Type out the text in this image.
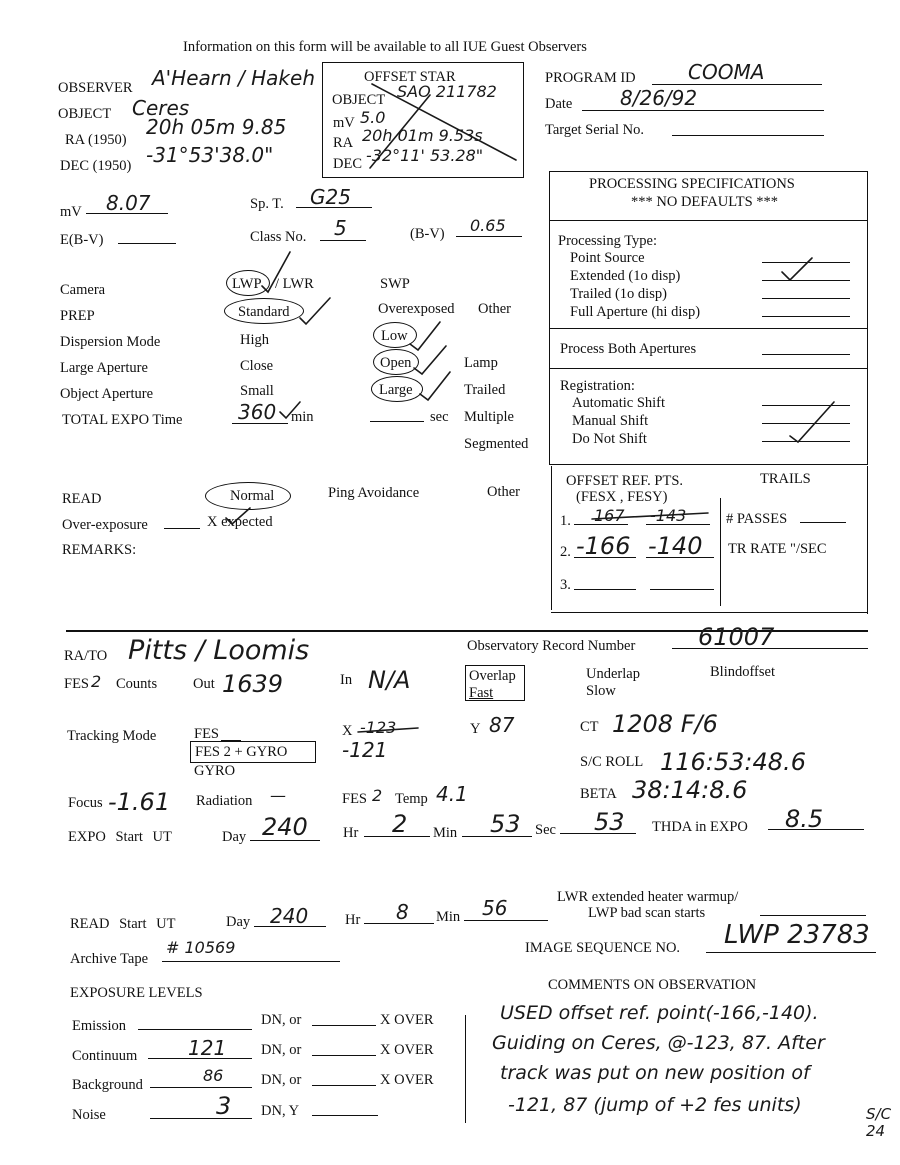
Information on this form will be available to all IUE Guest Observers
OBSERVER A'Hearn / Hakeh
OBJECT Ceres
RA (1950)
20h 05m 9.85
DEC (1950) -31°53'38.0"
OFFSET STAR
OBJECT SAO 211782
mV 5.0
RA 20h 01m 9.53s
DEC -32°11' 53.28"
PROGRAM ID	COOMA
Date 8/26/92
Target Serial No.
mV 8.07	Sp. T. G25
E(B-V)	Class No. 5	(B-V) 0.65
PROCESSING SPECIFICATIONS
*** NO DEFAULTS ***
Processing Type:
Point Source
Extended (1o disp)
Trailed (1o disp)
Full Aperture (hi disp)
Process Both Apertures
Registration:
Automatic Shift
Manual Shift
Do Not Shift
Camera	LWP / LWR	SWP
PREP	Standard	Overexposed Other
Dispersion Mode	High	Low
Large Aperture	Close	Open	Lamp
Object Aperture	Small	Large	Trailed
TOTAL EXPO Time	360 min	sec Multiple
Segmented
READ	Normal	Ping Avoidance	Other
Over-exposure	X expected
REMARKS:
OFFSET REF. PTS.
(FESX , FESY)
TRAILS
1. 167 -143
2. -166 -140
3.
# PASSES
TR RATE "/SEC
RA/TO Pitts / Loomis	Observatory Record Number	61007
FES 2 Counts Out 1639	In N/A	Overlap
Fast
Underlap
Slow
Blindoffset
Tracking Mode	FES
FES 2 + GYRO
GYRO
X -123
-121
Y 87	CT 1208 F/6
S/C ROLL 116:53:48.6
Focus -1.61 Radiation —	FES 2 Temp 4.1	BETA 38:14:8.6
EXPO Start UT	Day 240 Hr 2 Min 53 Sec 53 THDA in EXPO 8.5
READ Start UT	Day 240	Hr 8 Min 56	LWR extended heater warmup/
LWP bad scan starts
Archive Tape
# 10569	IMAGE SEQUENCE NO. LWP 23783
EXPOSURE LEVELS
Emission	DN, or	X OVER
Continuum	121 DN, or	X OVER
Background	86	DN, or	X OVER
Noise	3 DN, Y
COMMENTS ON OBSERVATION
USED offset ref. point(-166,-140).
Guiding on Ceres, @-123, 87. After
track was put on new position of
-121, 87 (jump of +2 fes units)	S/C 24
